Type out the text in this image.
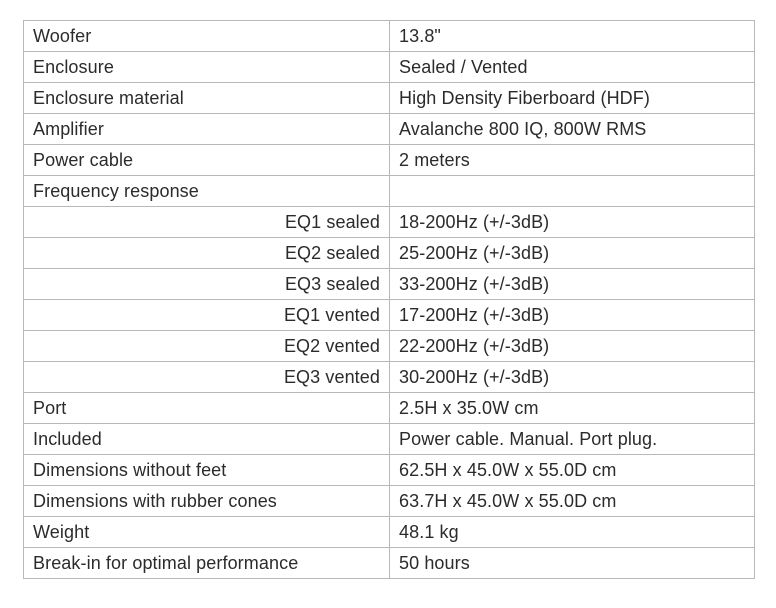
Woofer	13.8"
Enclosure	Sealed / Vented
Enclosure material	High Density Fiberboard (HDF)
Amplifier	Avalanche 800 IQ, 800W RMS
Power cable	2 meters
Frequency response	
EQ1 sealed	18-200Hz (+/-3dB)
EQ2 sealed	25-200Hz (+/-3dB)
EQ3 sealed	33-200Hz (+/-3dB)
EQ1 vented	17-200Hz (+/-3dB)
EQ2 vented	22-200Hz (+/-3dB)
EQ3 vented	30-200Hz (+/-3dB)
Port	2.5H x 35.0W cm
Included	Power cable. Manual. Port plug.
Dimensions without feet	62.5H x 45.0W x 55.0D cm
Dimensions with rubber cones	63.7H x 45.0W x 55.0D cm
Weight	48.1 kg
Break-in for optimal performance	50 hours
